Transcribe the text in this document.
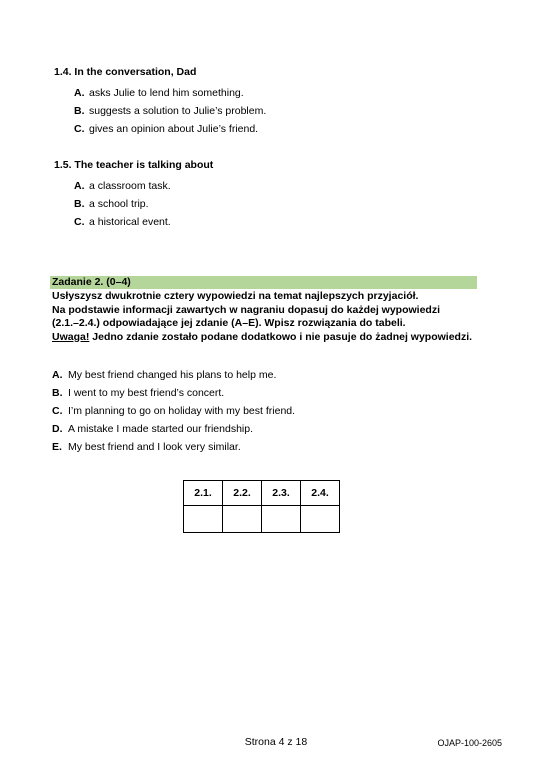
1.4. In the conversation, Dad
A. asks Julie to lend him something.
B. suggests a solution to Julie’s problem.
C. gives an opinion about Julie’s friend.
1.5. The teacher is talking about
A. a classroom task.
B. a school trip.
C. a historical event.
Zadanie 2. (0–4)
Usłyszysz dwukrotnie cztery wypowiedzi na temat najlepszych przyjaciół.
Na podstawie informacji zawartych w nagraniu dopasuj do każdej wypowiedzi
(2.1.–2.4.) odpowiadające jej zdanie (A–E). Wpisz rozwiązania do tabeli.
Uwaga! Jedno zdanie zostało podane dodatkowo i nie pasuje do żadnej wypowiedzi.
A. My best friend changed his plans to help me.
B. I went to my best friend’s concert.
C. I’m planning to go on holiday with my best friend.
D. A mistake I made started our friendship.
E. My best friend and I look very similar.
2.1.	2.2.	2.3.	2.4.

Strona 4 z 18	OJAP-100-2605
